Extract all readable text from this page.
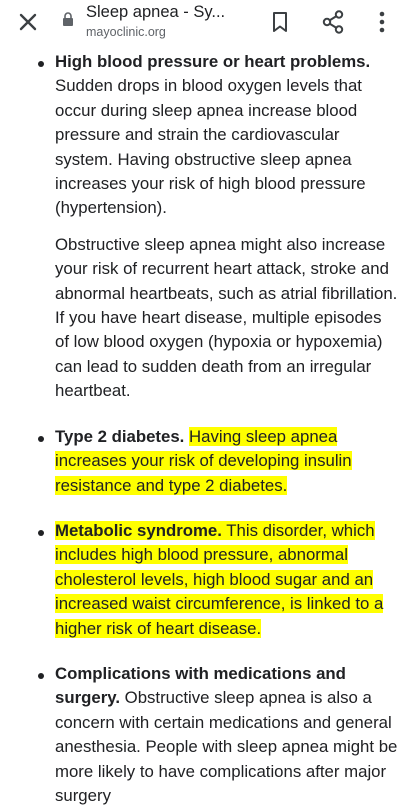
Sleep apnea - Sy...
mayoclinic.org

High blood pressure or heart problems. Sudden drops in blood oxygen levels that occur during sleep apnea increase blood pressure and strain the cardiovascular system. Having obstructive sleep apnea increases your risk of high blood pressure (hypertension).

Obstructive sleep apnea might also increase your risk of recurrent heart attack, stroke and abnormal heartbeats, such as atrial fibrillation. If you have heart disease, multiple episodes of low blood oxygen (hypoxia or hypoxemia) can lead to sudden death from an irregular heartbeat.

Type 2 diabetes. Having sleep apnea increases your risk of developing insulin resistance and type 2 diabetes.

Metabolic syndrome. This disorder, which includes high blood pressure, abnormal cholesterol levels, high blood sugar and an increased waist circumference, is linked to a higher risk of heart disease.

Complications with medications and surgery. Obstructive sleep apnea is also a concern with certain medications and general anesthesia. People with sleep apnea might be more likely to have complications after major surgery
